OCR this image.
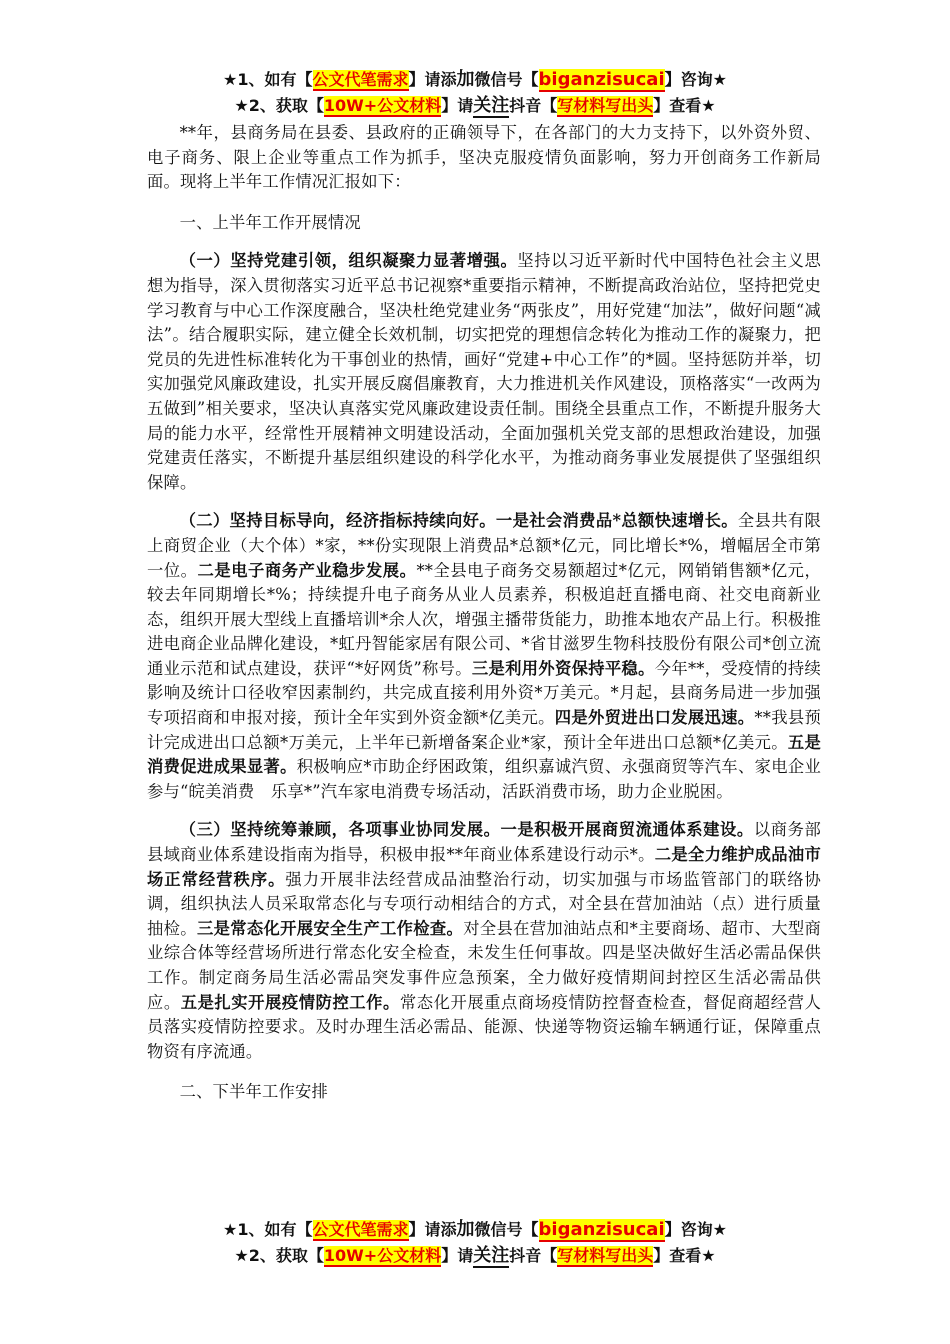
★1、如有【公文代笔需求】请添加微信号【biganzisucai】咨询★
★2、获取【10W+公文材料】请关注抖音【写材料写出头】查看★

**年，县商务局在县委、县政府的正确领导下，在各部门的大力支持下，以外资外贸、电子商务、限上企业等重点工作为抓手，坚决克服疫情负面影响，努力开创商务工作新局面。现将上半年工作情况汇报如下：

一、上半年工作开展情况

（一）坚持党建引领，组织凝聚力显著增强。坚持以习近平新时代中国特色社会主义思想为指导，深入贯彻落实习近平总书记视察*重要指示精神，不断提高政治站位，坚持把党史学习教育与中心工作深度融合，坚决杜绝党建业务“两张皮”，用好党建“加法”，做好问题“减法”。结合履职实际，建立健全长效机制，切实把党的理想信念转化为推动工作的凝聚力，把党员的先进性标准转化为干事创业的热情，画好“党建+中心工作”的*圆。坚持惩防并举，切实加强党风廉政建设，扎实开展反腐倡廉教育，大力推进机关作风建设，顶格落实“一改两为五做到”相关要求，坚决认真落实党风廉政建设责任制。围绕全县重点工作，不断提升服务大局的能力水平，经常性开展精神文明建设活动，全面加强机关党支部的思想政治建设，加强党建责任落实，不断提升基层组织建设的科学化水平，为推动商务事业发展提供了坚强组织保障。

（二）坚持目标导向，经济指标持续向好。一是社会消费品*总额快速增长。全县共有限上商贸企业（大个体）*家，**份实现限上消费品*总额*亿元，同比增长*%，增幅居全市第一位。二是电子商务产业稳步发展。**全县电子商务交易额超过*亿元，网销销售额*亿元，较去年同期增长*%；持续提升电子商务从业人员素养，积极追赶直播电商、社交电商新业态，组织开展大型线上直播培训*余人次，增强主播带货能力，助推本地农产品上行。积极推进电商企业品牌化建设，*虹丹智能家居有限公司、*省甘滋罗生物科技股份有限公司*创立流通业示范和试点建设，获评“*好网货”称号。三是利用外资保持平稳。今年**，受疫情的持续影响及统计口径收窄因素制约，共完成直接利用外资*万美元。*月起，县商务局进一步加强专项招商和申报对接，预计全年实到外资金额*亿美元。四是外贸进出口发展迅速。**我县预计完成进出口总额*万美元，上半年已新增备案企业*家，预计全年进出口总额*亿美元。五是消费促进成果显著。积极响应*市助企纾困政策，组织嘉诚汽贸、永强商贸等汽车、家电企业参与“皖美消费　乐享*”汽车家电消费专场活动，活跃消费市场，助力企业脱困。

（三）坚持统筹兼顾，各项事业协同发展。一是积极开展商贸流通体系建设。以商务部县域商业体系建设指南为指导，积极申报**年商业体系建设行动示*。二是全力维护成品油市场正常经营秩序。强力开展非法经营成品油整治行动，切实加强与市场监管部门的联络协调，组织执法人员采取常态化与专项行动相结合的方式，对全县在营加油站（点）进行质量抽检。三是常态化开展安全生产工作检查。对全县在营加油站点和*主要商场、超市、大型商业综合体等经营场所进行常态化安全检查，未发生任何事故。四是坚决做好生活必需品保供工作。制定商务局生活必需品突发事件应急预案，全力做好疫情期间封控区生活必需品供应。五是扎实开展疫情防控工作。常态化开展重点商场疫情防控督查检查，督促商超经营人员落实疫情防控要求。及时办理生活必需品、能源、快递等物资运输车辆通行证，保障重点物资有序流通。

二、下半年工作安排

★1、如有【公文代笔需求】请添加微信号【biganzisucai】咨询★
★2、获取【10W+公文材料】请关注抖音【写材料写出头】查看★
